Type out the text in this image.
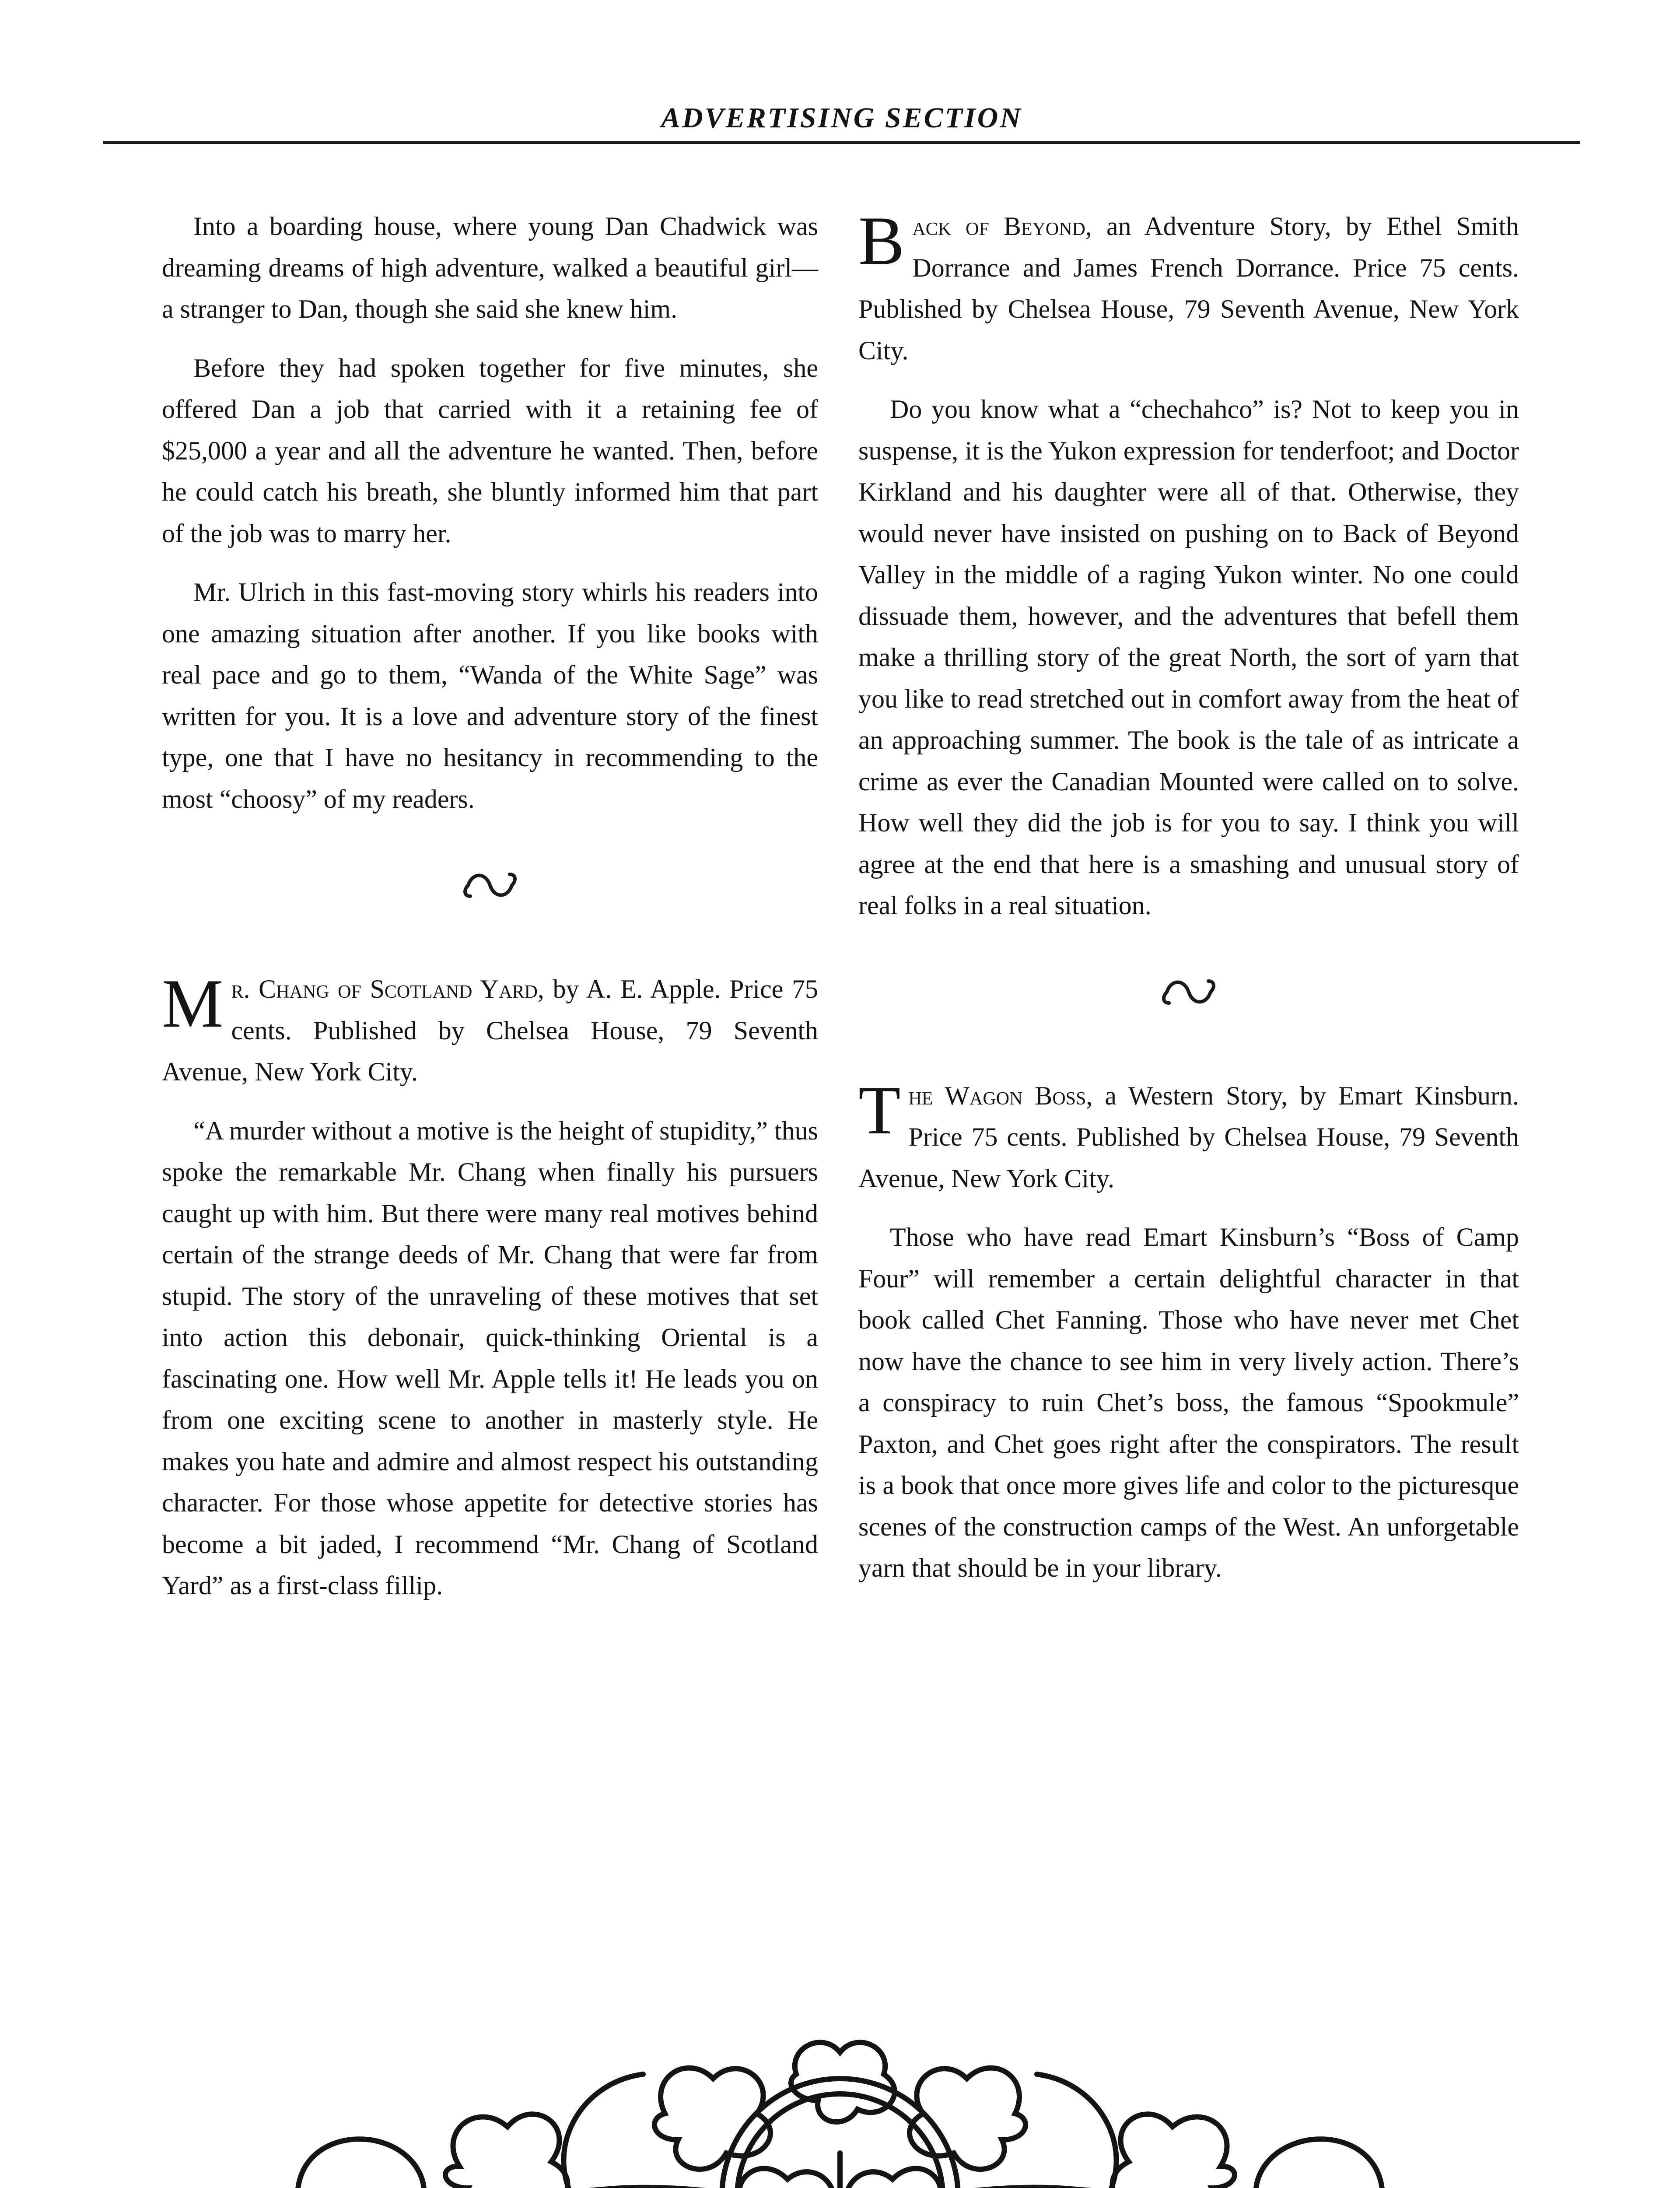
ADVERTISING SECTION

Into a boarding house, where young Dan Chadwick was dreaming dreams of high adventure, walked a beautiful girl—a stranger to Dan, though she said she knew him.

Before they had spoken together for five minutes, she offered Dan a job that carried with it a retaining fee of $25,000 a year and all the adventure he wanted. Then, before he could catch his breath, she bluntly informed him that part of the job was to marry her.

Mr. Ulrich in this fast-moving story whirls his readers into one amazing situation after another. If you like books with real pace and go to them, “Wanda of the White Sage” was written for you. It is a love and adventure story of the finest type, one that I have no hesitancy in recommending to the most “choosy” of my readers.

Mr. Chang of Scotland Yard, by A. E. Apple. Price 75 cents. Published by Chelsea House, 79 Seventh Avenue, New York City.

“A murder without a motive is the height of stupidity,” thus spoke the remarkable Mr. Chang when finally his pursuers caught up with him. But there were many real motives behind certain of the strange deeds of Mr. Chang that were far from stupid. The story of the unraveling of these motives that set into action this debonair, quick-thinking Oriental is a fascinating one. How well Mr. Apple tells it! He leads you on from one exciting scene to another in masterly style. He makes you hate and admire and almost respect his outstanding character. For those whose appetite for detective stories has become a bit jaded, I recommend “Mr. Chang of Scotland Yard” as a first-class fillip.

Back of Beyond, an Adventure Story, by Ethel Smith Dorrance and James French Dorrance. Price 75 cents. Published by Chelsea House, 79 Seventh Avenue, New York City.

Do you know what a “chechahco” is? Not to keep you in suspense, it is the Yukon expression for tenderfoot; and Doctor Kirkland and his daughter were all of that. Otherwise, they would never have insisted on pushing on to Back of Beyond Valley in the middle of a raging Yukon winter. No one could dissuade them, however, and the adventures that befell them make a thrilling story of the great North, the sort of yarn that you like to read stretched out in comfort away from the heat of an approaching summer. The book is the tale of as intricate a crime as ever the Canadian Mounted were called on to solve. How well they did the job is for you to say. I think you will agree at the end that here is a smashing and unusual story of real folks in a real situation.

The Wagon Boss, a Western Story, by Emart Kinsburn. Price 75 cents. Published by Chelsea House, 79 Seventh Avenue, New York City.

Those who have read Emart Kinsburn’s “Boss of Camp Four” will remember a certain delightful character in that book called Chet Fanning. Those who have never met Chet now have the chance to see him in very lively action. There’s a conspiracy to ruin Chet’s boss, the famous “Spookmule” Paxton, and Chet goes right after the conspirators. The result is a book that once more gives life and color to the picturesque scenes of the construction camps of the West. An unforgetable yarn that should be in your library.
